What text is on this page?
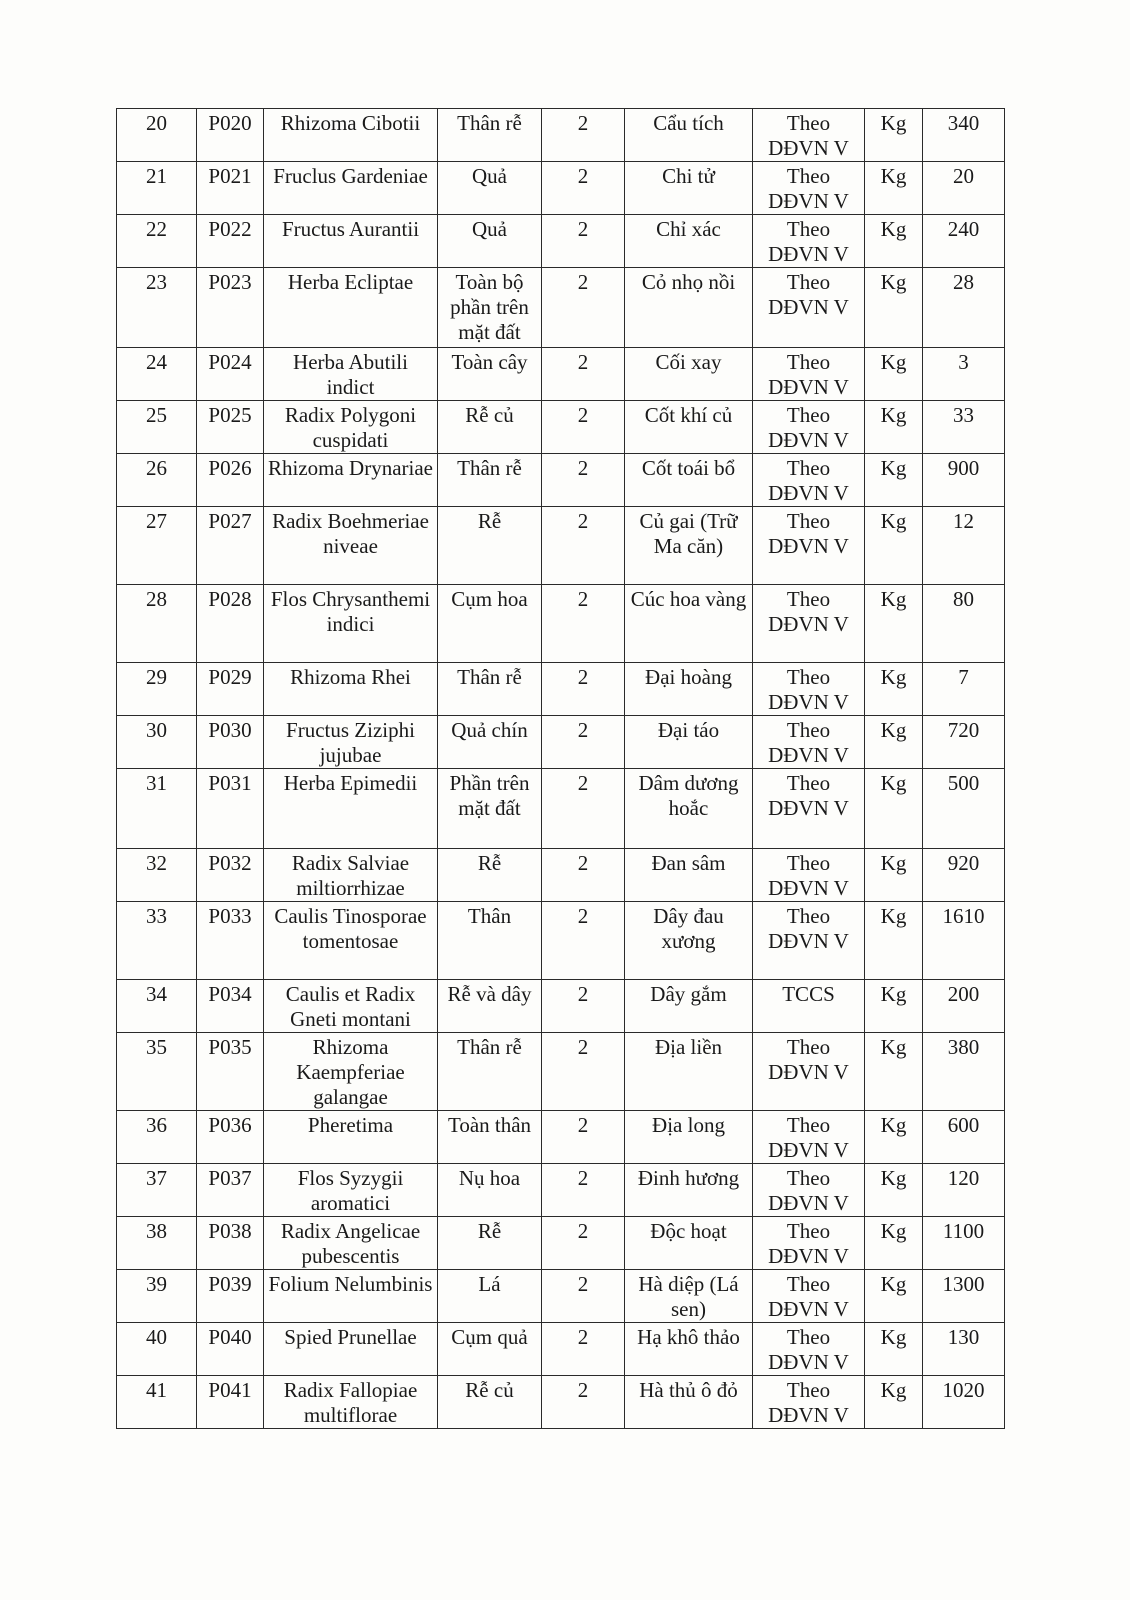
20	P020	Rhizoma Cibotii	Thân rễ	2	Cẩu tích	Theo DĐVN V	Kg	340
21	P021	Fruclus Gardeniae	Quả	2	Chi tử	Theo DĐVN V	Kg	20
22	P022	Fructus Aurantii	Quả	2	Chỉ xác	Theo DĐVN V	Kg	240
23	P023	Herba Ecliptae	Toàn bộ phần trên mặt đất	2	Cỏ nhọ nồi	Theo DĐVN V	Kg	28
24	P024	Herba Abutili indict	Toàn cây	2	Cối xay	Theo DĐVN V	Kg	3
25	P025	Radix Polygoni cuspidati	Rễ củ	2	Cốt khí củ	Theo DĐVN V	Kg	33
26	P026	Rhizoma Drynariae	Thân rễ	2	Cốt toái bổ	Theo DĐVN V	Kg	900
27	P027	Radix Boehmeriae niveae	Rễ	2	Củ gai (Trữ Ma căn)	Theo DĐVN V	Kg	12
28	P028	Flos Chrysanthemi indici	Cụm hoa	2	Cúc hoa vàng	Theo DĐVN V	Kg	80
29	P029	Rhizoma Rhei	Thân rễ	2	Đại hoàng	Theo DĐVN V	Kg	7
30	P030	Fructus Ziziphi jujubae	Quả chín	2	Đại táo	Theo DĐVN V	Kg	720
31	P031	Herba Epimedii	Phần trên mặt đất	2	Dâm dương hoắc	Theo DĐVN V	Kg	500
32	P032	Radix Salviae miltiorrhizae	Rễ	2	Đan sâm	Theo DĐVN V	Kg	920
33	P033	Caulis Tinosporae tomentosae	Thân	2	Dây đau xương	Theo DĐVN V	Kg	1610
34	P034	Caulis et Radix Gneti montani	Rễ và dây	2	Dây gắm	TCCS	Kg	200
35	P035	Rhizoma Kaempferiae galangae	Thân rễ	2	Địa liền	Theo DĐVN V	Kg	380
36	P036	Pheretima	Toàn thân	2	Địa long	Theo DĐVN V	Kg	600
37	P037	Flos Syzygii aromatici	Nụ hoa	2	Đinh hương	Theo DĐVN V	Kg	120
38	P038	Radix Angelicae pubescentis	Rễ	2	Độc hoạt	Theo DĐVN V	Kg	1100
39	P039	Folium Nelumbinis	Lá	2	Hà diệp (Lá sen)	Theo DĐVN V	Kg	1300
40	P040	Spied Prunellae	Cụm quả	2	Hạ khô thảo	Theo DĐVN V	Kg	130
41	P041	Radix Fallopiae multiflorae	Rễ củ	2	Hà thủ ô đỏ	Theo DĐVN V	Kg	1020
